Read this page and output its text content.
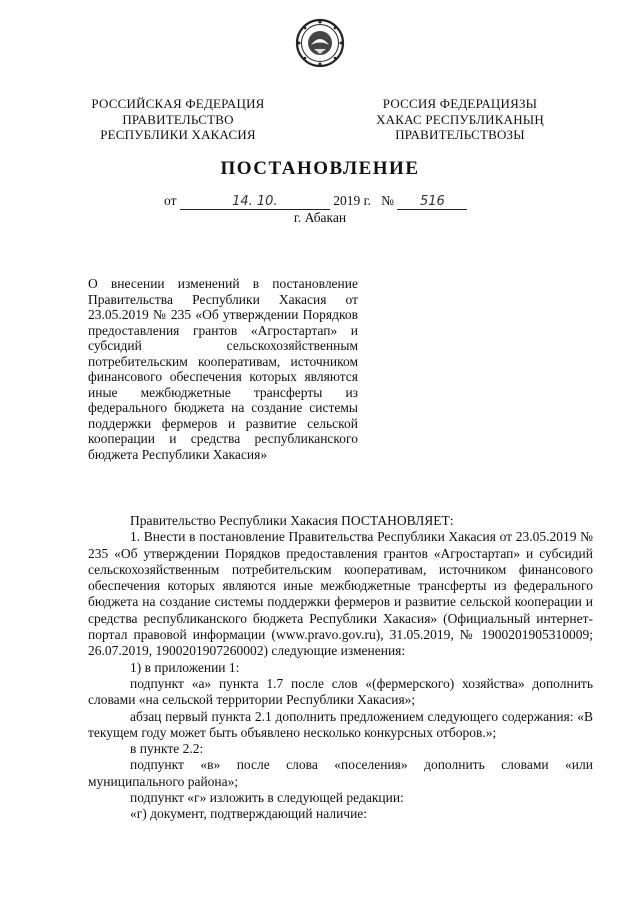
РОССИЙСКАЯ ФЕДЕРАЦИЯ
ПРАВИТЕЛЬСТВО
РЕСПУБЛИКИ ХАКАСИЯ
РОССИЯ ФЕДЕРАЦИЯЗЫ
ХАКАС РЕСПУБЛИКАНЫҢ
ПРАВИТЕЛЬСТВОЗЫ
ПОСТАНОВЛЕНИЕ
от	14. 10.	2019 г. № 516
г. Абакан
О внесении изменений в постановление Правительства Республики Хакасия от 23.05.2019 № 235 «Об утверждении Порядков предоставления грантов «Агростартап» и субсидий сельскохозяйственным потребительским кооперативам, источником финансового обеспечения которых являются иные межбюджетные трансферты из федерального бюджета на создание системы поддержки фермеров и развитие сельской кооперации и средства республиканского бюджета Республики Хакасия»

Правительство Республики Хакасия ПОСТАНОВЛЯЕТ:

1. Внести в постановление Правительства Республики Хакасия от 23.05.2019 № 235 «Об утверждении Порядков предоставления грантов «Агростартап» и субсидий сельскохозяйственным потребительским кооперативам, источником финансового обеспечения которых являются иные межбюджетные трансферты из федерального бюджета на создание системы поддержки фермеров и развитие сельской кооперации и средства республиканского бюджета Республики Хакасия» (Официальный интернет-портал правовой информации (www.pravo.gov.ru), 31.05.2019, № 1900201905310009; 26.07.2019, 1900201907260002) следующие изменения:

1) в приложении 1:

подпункт «а» пункта 1.7 после слов «(фермерского) хозяйства» дополнить словами «на сельской территории Республики Хакасия»;

абзац первый пункта 2.1 дополнить предложением следующего содержания: «В текущем году может быть объявлено несколько конкурсных отборов.»;

в пункте 2.2:

подпункт «в» после слова «поселения» дополнить словами «или муниципального района»;

подпункт «г» изложить в следующей редакции:

«г) документ, подтверждающий наличие:
